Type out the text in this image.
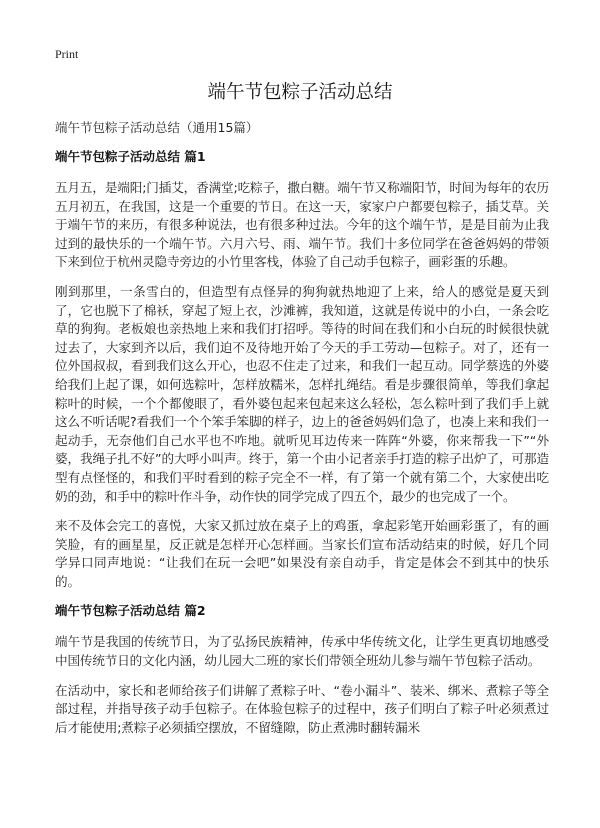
Print
端午节包粽子活动总结
端午节包粽子活动总结（通用15篇）
端午节包粽子活动总结 篇1

五月五，是端阳;门插艾，香满堂;吃粽子，撒白糖。端午节又称端阳节，时间为每年的农历五月初五，在我国，这是一个重要的节日。在这一天，家家户户都要包粽子，插艾草。关于端午节的来历，有很多种说法，也有很多种过法。今年的这个端午节，是是目前为止我过到的最快乐的一个端午节。六月六号、雨、端午节。我们十多位同学在爸爸妈妈的带领下来到位于杭州灵隐寺旁边的小竹里客栈，体验了自己动手包粽子，画彩蛋的乐趣。

刚到那里，一条雪白的，但造型有点怪异的狗狗就热地迎了上来，给人的感觉是夏天到了，它也脱下了棉袄，穿起了短上衣，沙滩裤，我知道，这就是传说中的小白，一条会吃草的狗狗。老板娘也亲热地上来和我们打招呼。等待的时间在我们和小白玩的时候很快就过去了，大家到齐以后，我们迫不及待地开始了今天的手工劳动—包粽子。对了，还有一位外国叔叔，看到我们这么开心，也忍不住走了过来，和我们一起互动。同学蔡选的外婆给我们上起了课，如何选粽叶，怎样放糯米，怎样扎绳结。看是步骤很简单，等我们拿起粽叶的时候，一个个都傻眼了，看外婆包起来包起来这么轻松，怎么粽叶到了我们手上就这么不听话呢?看我们一个个笨手笨脚的样子，边上的爸爸妈妈们急了，也凑上来和我们一起动手，无奈他们自己水平也不咋地。就听见耳边传来一阵阵“外婆，你来帮我一下”“外婆，我绳子扎不好”的大呼小叫声。终于，第一个由小记者亲手打造的粽子出炉了，可那造型有点怪怪的，和我们平时看到的粽子完全不一样，有了第一个就有第二个，大家使出吃奶的劲，和手中的粽叶作斗争，动作快的同学完成了四五个，最少的也完成了一个。

来不及体会完工的喜悦，大家又抓过放在桌子上的鸡蛋，拿起彩笔开始画彩蛋了，有的画笑脸，有的画星星，反正就是怎样开心怎样画。当家长们宣布活动结束的时候，好几个同学异口同声地说：“让我们在玩一会吧”如果没有亲自动手，肯定是体会不到其中的快乐的。

端午节包粽子活动总结 篇2

端午节是我国的传统节日，为了弘扬民族精神，传承中华传统文化，让学生更真切地感受中国传统节日的文化内涵，幼儿园大二班的家长们带领全班幼儿参与端午节包粽子活动。

在活动中，家长和老师给孩子们讲解了煮粽子叶、“卷小漏斗”、装米、绑米、煮粽子等全部过程，并指导孩子动手包粽子。在体验包粽子的过程中，孩子们明白了粽子叶必须煮过后才能使用;煮粽子必须插空摆放，不留缝隙，防止煮沸时翻转漏米
